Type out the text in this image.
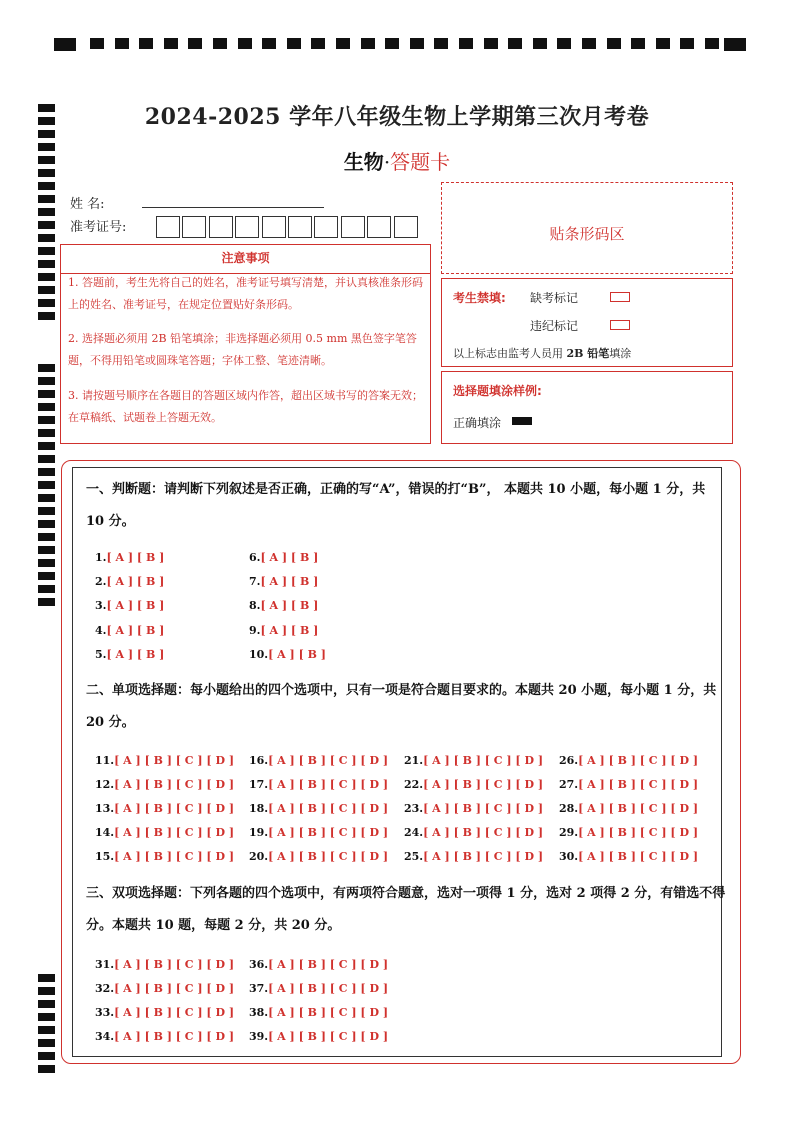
2024-2025 学年八年级生物上学期第三次月考卷
生物·答题卡
姓 名:
准考证号:	贴条形码区
注意事项
1. 答题前，考生先将自己的姓名，准考证号填写清楚，并认真核准条形码上的姓名、准考证号，在规定位置贴好条形码。
2. 选择题必须用 2B 铅笔填涂；非选择题必须用 0.5 mm 黑色签字笔答题，不得用铅笔或圆珠笔答题；字体工整、笔迹清晰。
3. 请按题号顺序在各题目的答题区域内作答，超出区域书写的答案无效；在草稿纸、试题卷上答题无效。
考生禁填: 缺考标记
违纪标记
以上标志由监考人员用 2B 铅笔填涂
选择题填涂样例:
正确填涂
一、判断题：请判断下列叙述是否正确，正确的写“A”，错误的打“B”， 本题共 10 小题，每小题 1 分，共 10 分。
二、单项选择题：每小题给出的四个选项中，只有一项是符合题目要求的。本题共 20 小题，每小题 1 分，共 20 分。
三、双项选择题：下列各题的四个选项中，有两项符合题意，选对一项得 1 分，选对 2 项得 2 分，有错选不得分。本题共 10 题，每题 2 分，共 20 分。
1.[ A ] [ B ]
2.[ A ] [ B ]
3.[ A ] [ B ]
4.[ A ] [ B ]
5.[ A ] [ B ]
6.[ A ] [ B ]
7.[ A ] [ B ]
8.[ A ] [ B ]
9.[ A ] [ B ]
10.[ A ] [ B ]
11.[ A ] [ B ] [ C ] [ D ]
12.[ A ] [ B ] [ C ] [ D ]
13.[ A ] [ B ] [ C ] [ D ]
14.[ A ] [ B ] [ C ] [ D ]
15.[ A ] [ B ] [ C ] [ D ]
16.[ A ] [ B ] [ C ] [ D ]
17.[ A ] [ B ] [ C ] [ D ]
18.[ A ] [ B ] [ C ] [ D ]
19.[ A ] [ B ] [ C ] [ D ]
20.[ A ] [ B ] [ C ] [ D ]
21.[ A ] [ B ] [ C ] [ D ]
22.[ A ] [ B ] [ C ] [ D ]
23.[ A ] [ B ] [ C ] [ D ]
24.[ A ] [ B ] [ C ] [ D ]
25.[ A ] [ B ] [ C ] [ D ]
26.[ A ] [ B ] [ C ] [ D ]
27.[ A ] [ B ] [ C ] [ D ]
28.[ A ] [ B ] [ C ] [ D ]
29.[ A ] [ B ] [ C ] [ D ]
30.[ A ] [ B ] [ C ] [ D ]
31.[ A ] [ B ] [ C ] [ D ]
32.[ A ] [ B ] [ C ] [ D ]
33.[ A ] [ B ] [ C ] [ D ]
34.[ A ] [ B ] [ C ] [ D ]
36.[ A ] [ B ] [ C ] [ D ]
37.[ A ] [ B ] [ C ] [ D ]
38.[ A ] [ B ] [ C ] [ D ]
39.[ A ] [ B ] [ C ] [ D ]
